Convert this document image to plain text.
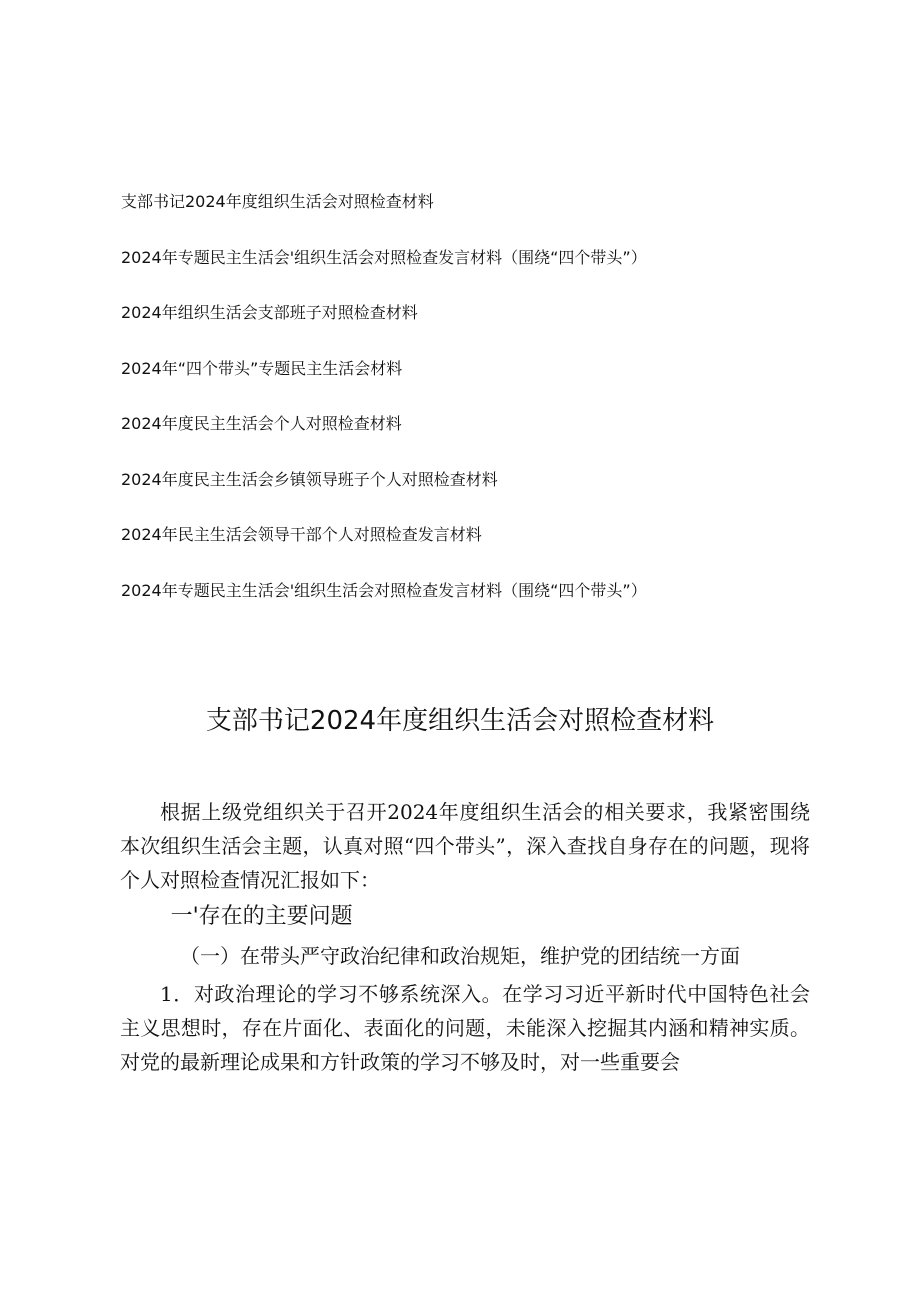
支部书记2024年度组织生活会对照检查材料
2024年专题民主生活会'组织生活会对照检查发言材料（围绕“四个带头”）
2024年组织生活会支部班子对照检查材料
2024年“四个带头”专题民主生活会材料
2024年度民主生活会个人对照检查材料
2024年度民主生活会乡镇领导班子个人对照检查材料
2024年民主生活会领导干部个人对照检查发言材料
2024年专题民主生活会'组织生活会对照检查发言材料（围绕“四个带头”）
支部书记2024年度组织生活会对照检查材料

根据上级党组织关于召开2024年度组织生活会的相关要求，我紧密围绕本次组织生活会主题，认真对照“四个带头”，深入查找自身存在的问题，现将个人对照检查情况汇报如下：

一'存在的主要问题

（一）在带头严守政治纪律和政治规矩，维护党的团结统一方面

1．对政治理论的学习不够系统深入。在学习习近平新时代中国特色社会主义思想时，存在片面化、表面化的问题，未能深入挖掘其内涵和精神实质。对党的最新理论成果和方针政策的学习不够及时，对一些重要会
